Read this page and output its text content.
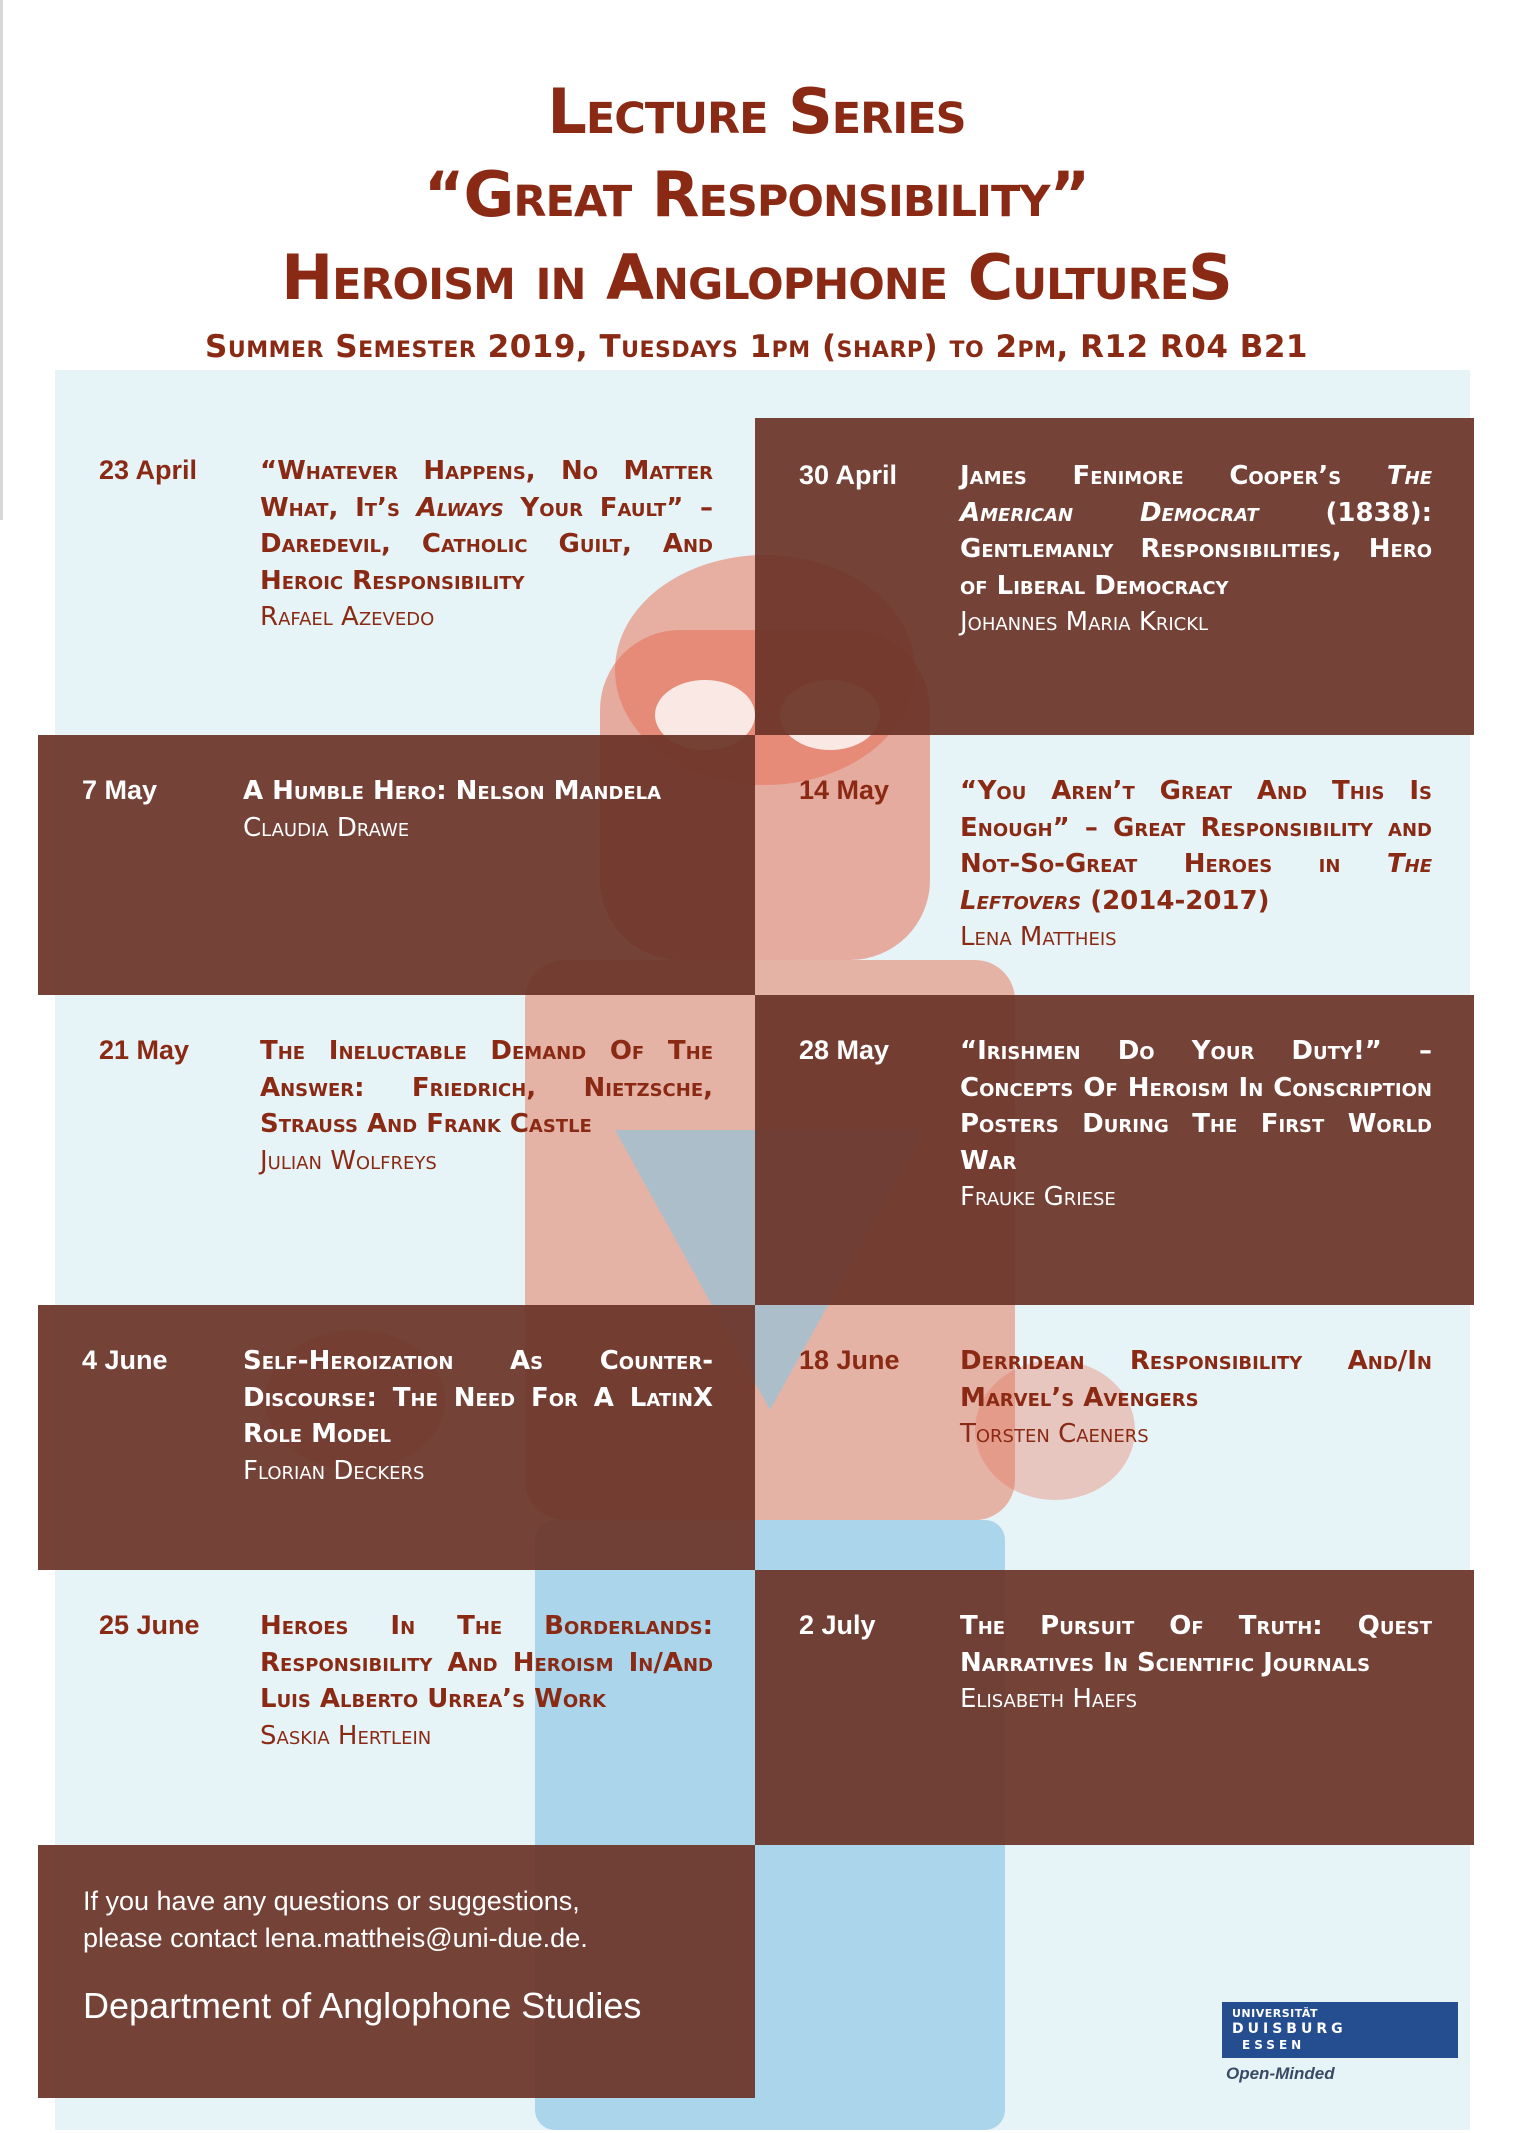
Lecture Series
“Great Responsibility”
Heroism in Anglophone CultureS
Summer Semester 2019, Tuesdays 1pm (sharp) to 2pm, R12 R04 B21
23 April “Whatever Happens, No Matter What, It’s Always Your Fault” – Daredevil, Catholic Guilt, And Heroic Responsibility
Rafael Azevedo
30 April James Fenimore Cooper’s The American Democrat (1838): Gentlemanly Responsibilities, Hero of Liberal Democracy
Johannes Maria Krickl
7 May	A Humble Hero: Nelson Mandela
Claudia Drawe
14 May	“You Aren’t Great And This Is Enough” – Great Responsibility and Not-So-Great Heroes in The Leftovers (2014-2017)
Lena Mattheis
21 May	The Ineluctable Demand Of The Answer: Friedrich, Nietzsche, Strauss And Frank Castle
Julian Wolfreys
28 May	“Irishmen Do Your Duty!” – Concepts Of Heroism In Conscription Posters During The First World War
Frauke Griese
4 June	Self-Heroization As Counter-Discourse: The Need For A LatinX Role Model
Florian Deckers
18 June Derridean Responsibility And/In Marvel’s Avengers
Torsten Caeners
25 June Heroes In The Borderlands: Responsibility And Heroism In/And Luis Alberto Urrea’s Work
Saskia Hertlein
2 July	The Pursuit Of Truth: Quest Narratives In Scientific Journals
Elisabeth Haefs
If you have any questions or suggestions,
please contact lena.mattheis@uni-due.de.
Department of Anglophone Studies	UNIVERSITÄT
DUISBURG
ESSEN
Open-Minded
